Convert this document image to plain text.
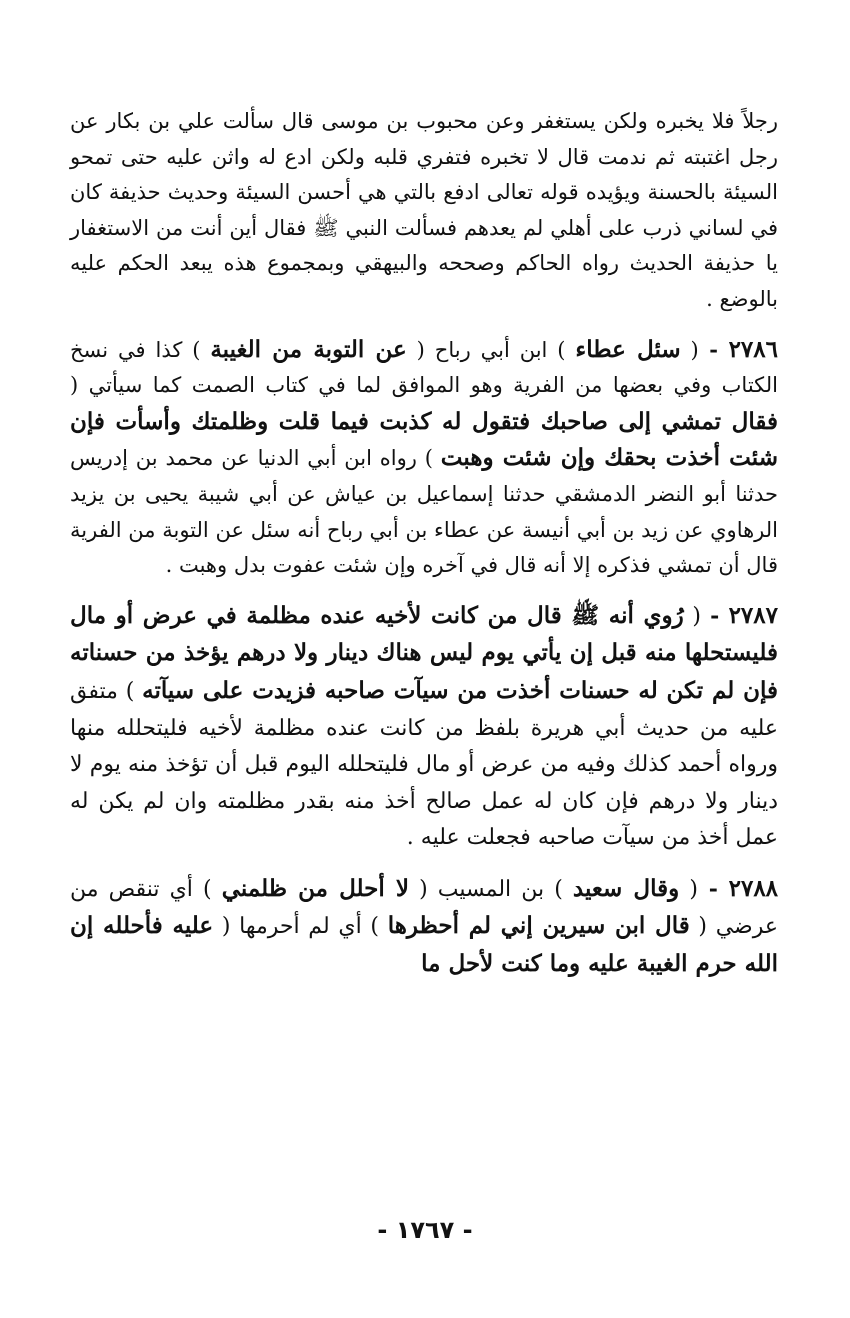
رجلاً فلا يخبره ولكن يستغفر وعن محبوب بن موسى قال سألت علي بن بكار عن رجل اغتبته ثم ندمت قال لا تخبره فتفري قلبه ولكن ادع له واثن عليه حتى تمحو السيئة بالحسنة ويؤيده قوله تعالى ادفع بالتي هي أحسن السيئة وحديث حذيفة كان في لساني ذرب على أهلي لم يعدهم فسألت النبي ﷺ فقال أين أنت من الاستغفار يا حذيفة الحديث رواه الحاكم وصححه والبيهقي وبمجموع هذه يبعد الحكم عليه بالوضع .

٢٧٨٦ - ( سئل عطاء ) ابن أبي رباح ( عن التوبة من الغيبة ) كذا في نسخ الكتاب وفي بعضها من الفرية وهو الموافق لما في كتاب الصمت كما سيأتي ( فقال تمشي إلى صاحبك فتقول له كذبت فيما قلت وظلمتك وأسأت فإن شئت أخذت بحقك وإن شئت وهبت ) رواه ابن أبي الدنيا عن محمد بن إدريس حدثنا أبو النضر الدمشقي حدثنا إسماعيل بن عياش عن أبي شيبة يحيى بن يزيد الرهاوي عن زيد بن أبي أنيسة عن عطاء بن أبي رباح أنه سئل عن التوبة من الفرية قال أن تمشي فذكره إلا أنه قال في آخره وإن شئت عفوت بدل وهبت .

٢٧٨٧ - ( رُوي أنه ﷺ قال من كانت لأخيه عنده مظلمة في عرض أو مال فليستحلها منه قبل إن يأتي يوم ليس هناك دينار ولا درهم يؤخذ من حسناته فإن لم تكن له حسنات أخذت من سيآت صاحبه فزيدت على سيآته ) متفق عليه من حديث أبي هريرة بلفظ من كانت عنده مظلمة لأخيه فليتحلله منها ورواه أحمد كذلك وفيه من عرض أو مال فليتحلله اليوم قبل أن تؤخذ منه يوم لا دينار ولا درهم فإن كان له عمل صالح أخذ منه بقدر مظلمته وان لم يكن له عمل أخذ من سيآت صاحبه فجعلت عليه .

٢٧٨٨ - ( وقال سعيد ) بن المسيب ( لا أحلل من ظلمني ) أي تنقص من عرضي ( قال ابن سيرين إني لم أحظرها ) أي لم أحرمها ( عليه فأحلله إن الله حرم الغيبة عليه وما كنت لأحل ما

- ١٧٦٧ -
